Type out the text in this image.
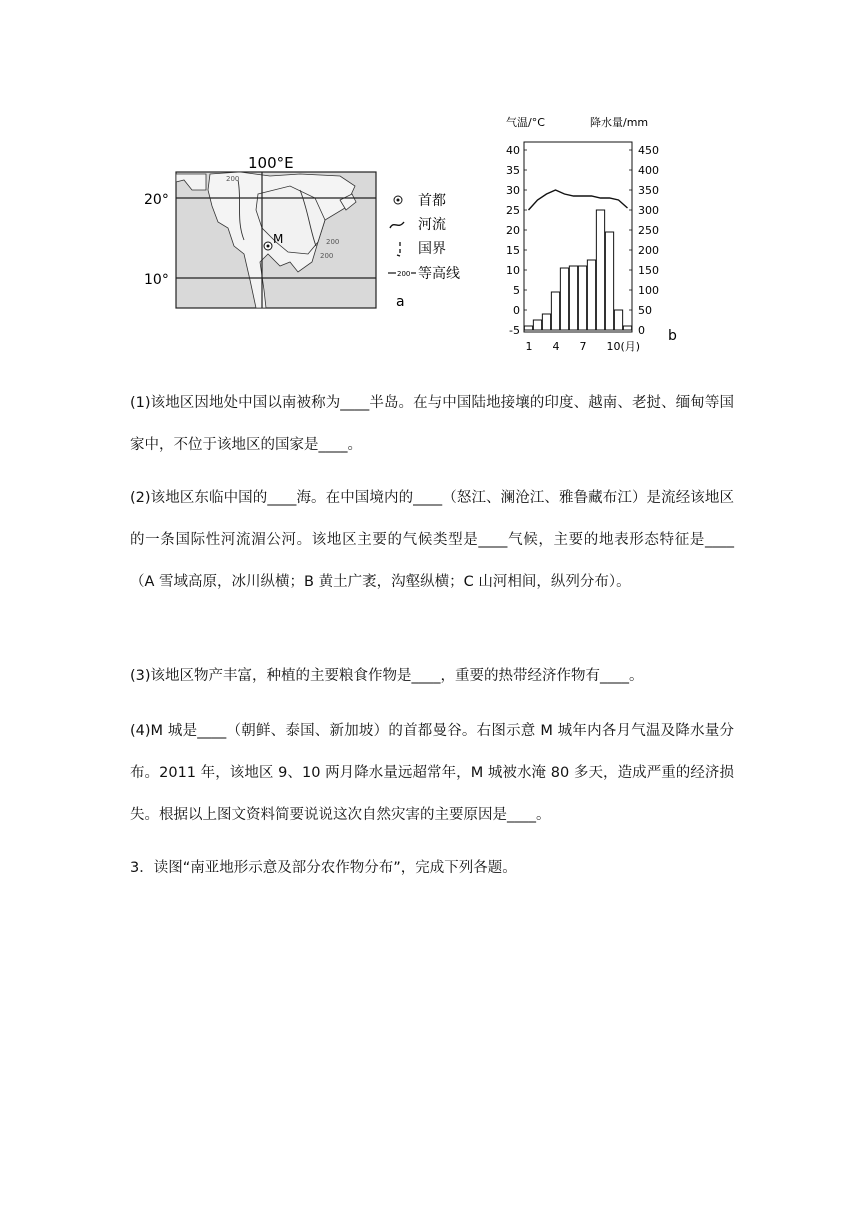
100°E
20°
10°
200
200
200
M
首都
河流
国界
200 等高线
a
气温/°C	降水量/mm
40
35
30
25
20
15
10
5
0
-5
450
400
350
300
250
200
150
100
50
0
1 4 7 10(月)
b
(1)该地区因地处中国以南被称为____半岛。在与中国陆地接壤的印度、越南、老挝、缅甸等国家中，不位于该地区的国家是____。
(2)该地区东临中国的____海。在中国境内的____（怒江、澜沧江、雅鲁藏布江）是流经该地区的一条国际性河流湄公河。该地区主要的气候类型是____气候，主要的地表形态特征是____（A 雪域高原，冰川纵横；B 黄土广袤，沟壑纵横；C 山河相间，纵列分布）。
(3)该地区物产丰富，种植的主要粮食作物是____，重要的热带经济作物有____。
(4)M 城是____（朝鲜、泰国、新加坡）的首都曼谷。右图示意 M 城年内各月气温及降水量分布。2011 年，该地区 9、10 两月降水量远超常年，M 城被水淹 80 多天，造成严重的经济损失。根据以上图文资料简要说说这次自然灾害的主要原因是____。
3．读图“南亚地形示意及部分农作物分布”，完成下列各题。
